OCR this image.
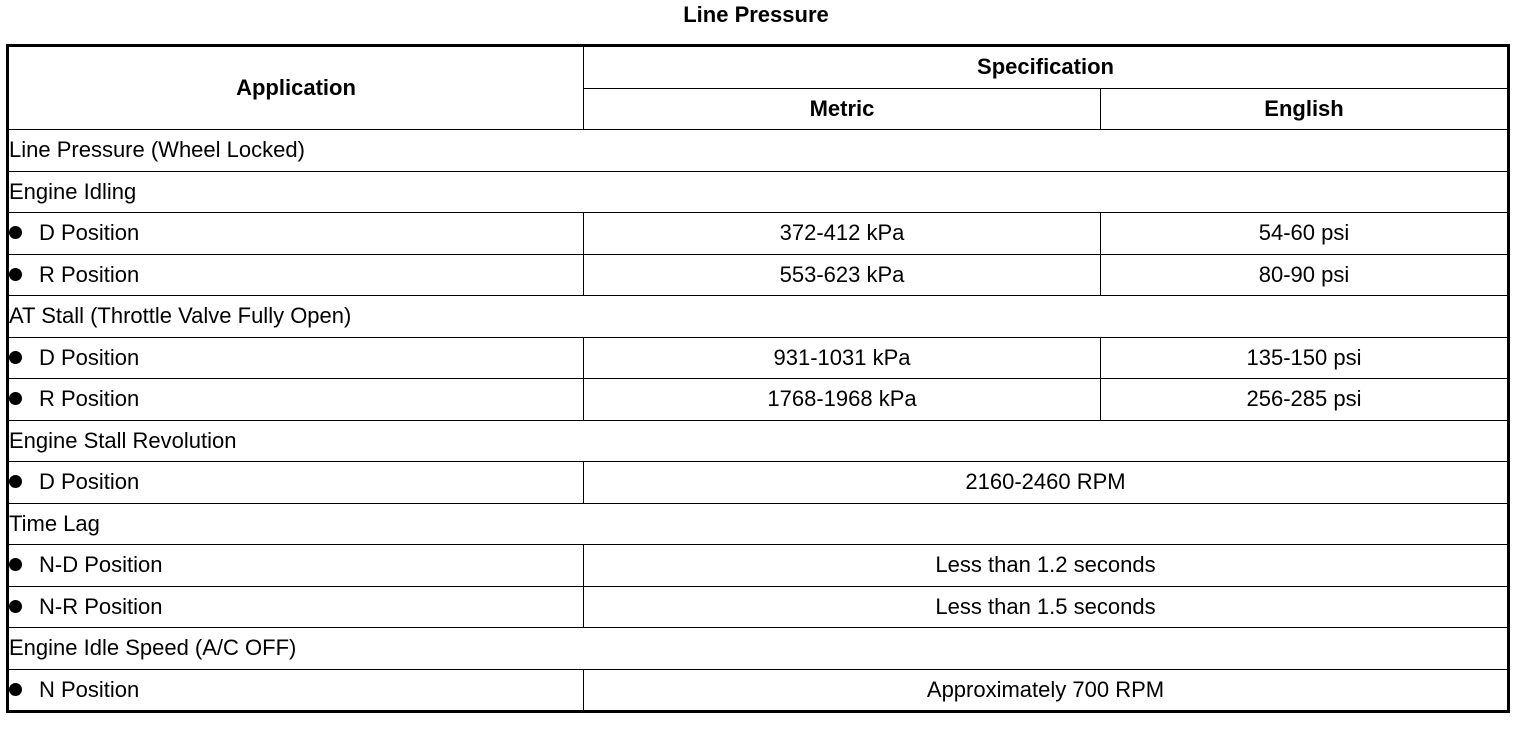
Line Pressure
Application	Specification	
	Metric	English
Line Pressure (Wheel Locked)		
Engine Idling		
D Position	372-412 kPa	54-60 psi
R Position	553-623 kPa	80-90 psi
AT Stall (Throttle Valve Fully Open)		
D Position	931-1031 kPa	135-150 psi
R Position	1768-1968 kPa	256-285 psi
Engine Stall Revolution		
D Position	2160-2460 RPM	
Time Lag		
N-D Position	Less than 1.2 seconds	
N-R Position	Less than 1.5 seconds	
Engine Idle Speed (A/C OFF)		
N Position	Approximately 700 RPM	
